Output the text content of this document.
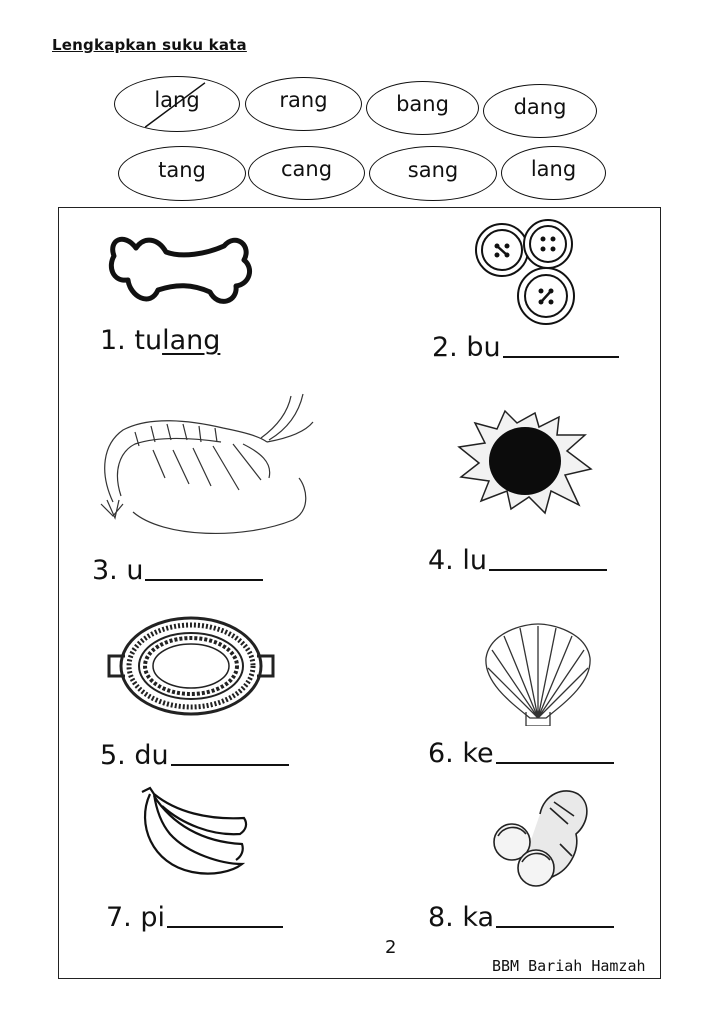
Lengkapkan suku kata
lang	rang	bang	dang
tang	cang	sang	lang
1.
tu lang	2.
bu
3.
u	4.
lu
5.
du	6.
ke
7.
pi	8.
ka
2
BBM Bariah Hamzah
